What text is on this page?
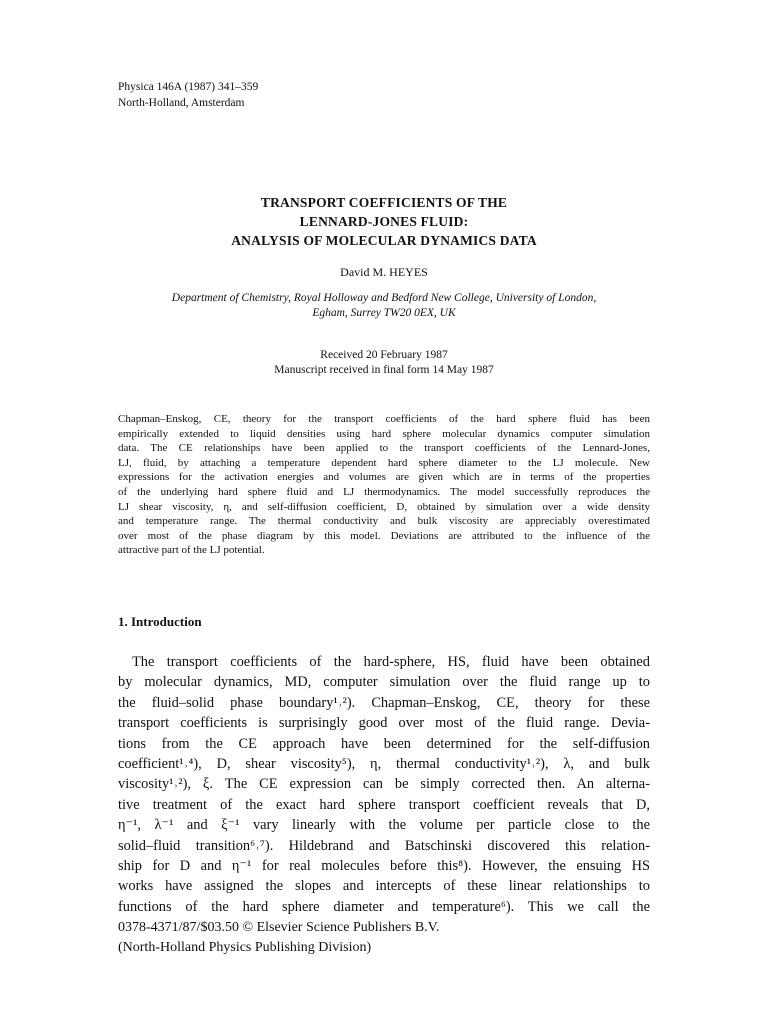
Physica 146A (1987) 341–359
North-Holland, Amsterdam
TRANSPORT COEFFICIENTS OF THE
LENNARD-JONES FLUID:
ANALYSIS OF MOLECULAR DYNAMICS DATA
David M. HEYES
Department of Chemistry, Royal Holloway and Bedford New College, University of London,
Egham, Surrey TW20 0EX, UK
Received 20 February 1987
Manuscript received in final form 14 May 1987
Chapman–Enskog, CE, theory for the transport coefficients of the hard sphere fluid has been
empirically extended to liquid densities using hard sphere molecular dynamics computer simulation
data. The CE relationships have been applied to the transport coefficients of the Lennard-Jones,
LJ, fluid, by attaching a temperature dependent hard sphere diameter to the LJ molecule. New
expressions for the activation energies and volumes are given which are in terms of the properties
of the underlying hard sphere fluid and LJ thermodynamics. The model successfully reproduces the
LJ shear viscosity, η, and self-diffusion coefficient, D, obtained by simulation over a wide density
and temperature range. The thermal conductivity and bulk viscosity are appreciably overestimated
over most of the phase diagram by this model. Deviations are attributed to the influence of the
attractive part of the LJ potential.
1. Introduction
The transport coefficients of the hard-sphere, HS, fluid have been obtained
by molecular dynamics, MD, computer simulation over the fluid range up to
the fluid–solid phase boundary¹˒²). Chapman–Enskog, CE, theory for these
transport coefficients is surprisingly good over most of the fluid range. Devia-
tions from the CE approach have been determined for the self-diffusion
coefficient¹˒⁴), D, shear viscosity⁵), η, thermal conductivity¹˒²), λ, and bulk
viscosity¹˒²), ξ. The CE expression can be simply corrected then. An alterna-
tive treatment of the exact hard sphere transport coefficient reveals that D,
η⁻¹, λ⁻¹ and ξ⁻¹ vary linearly with the volume per particle close to the
solid–fluid transition⁶˒⁷). Hildebrand and Batschinski discovered this relation-
ship for D and η⁻¹ for real molecules before this⁸). However, the ensuing HS
works have assigned the slopes and intercepts of these linear relationships to
functions of the hard sphere diameter and temperature⁶). This we call the
0378-4371/87/$03.50 © Elsevier Science Publishers B.V.
(North-Holland Physics Publishing Division)
